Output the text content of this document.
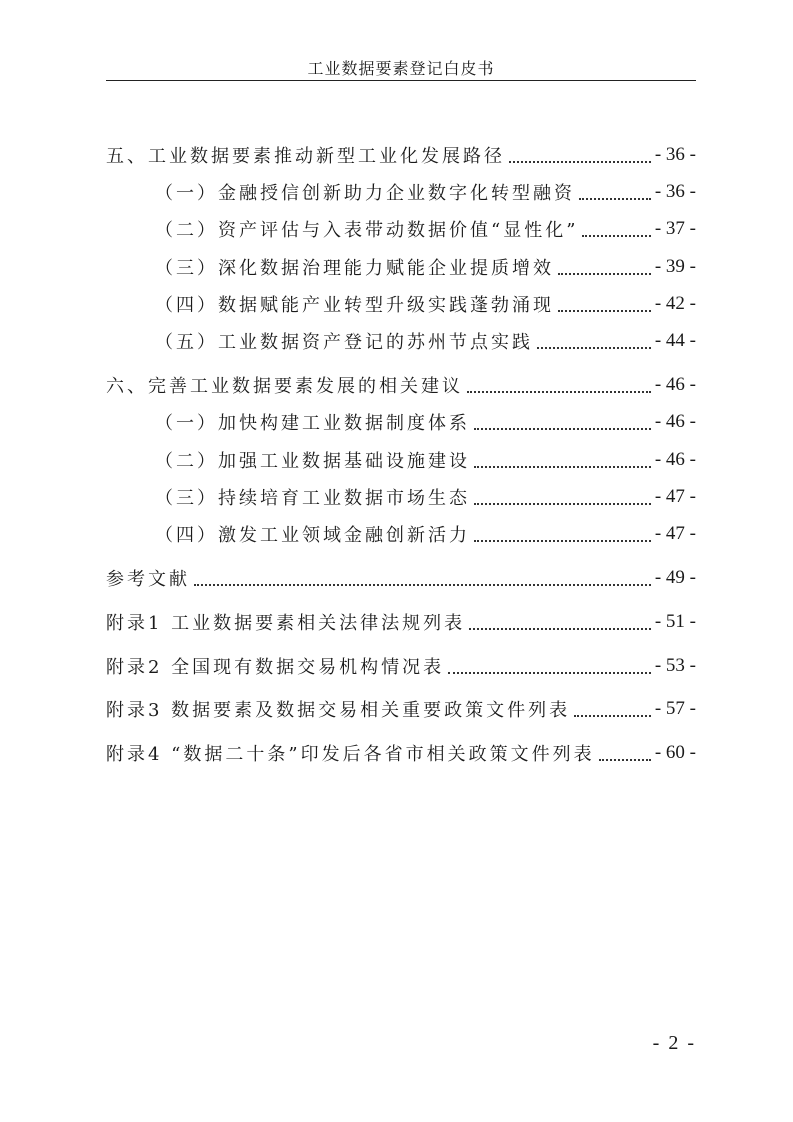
工业数据要素登记白皮书
五、工业数据要素推动新型工业化发展路径	- 36 -
（一）金融授信创新助力企业数字化转型融资	- 36 -
（二）资产评估与入表带动数据价值“显性化”	- 37 -
（三）深化数据治理能力赋能企业提质增效	- 39 -
（四）数据赋能产业转型升级实践蓬勃涌现	- 42 -
（五）工业数据资产登记的苏州节点实践	- 44 -
六、完善工业数据要素发展的相关建议	- 46 -
（一）加快构建工业数据制度体系	- 46 -
（二）加强工业数据基础设施建设	- 46 -
（三）持续培育工业数据市场生态	- 47 -
（四）激发工业领域金融创新活力	- 47 -
参考文献	- 49 -
附录1 工业数据要素相关法律法规列表	- 51 -
附录2 全国现有数据交易机构情况表	- 53 -
附录3 数据要素及数据交易相关重要政策文件列表	- 57 -
附录4 “数据二十条”印发后各省市相关政策文件列表	- 60 -
- 2 -
